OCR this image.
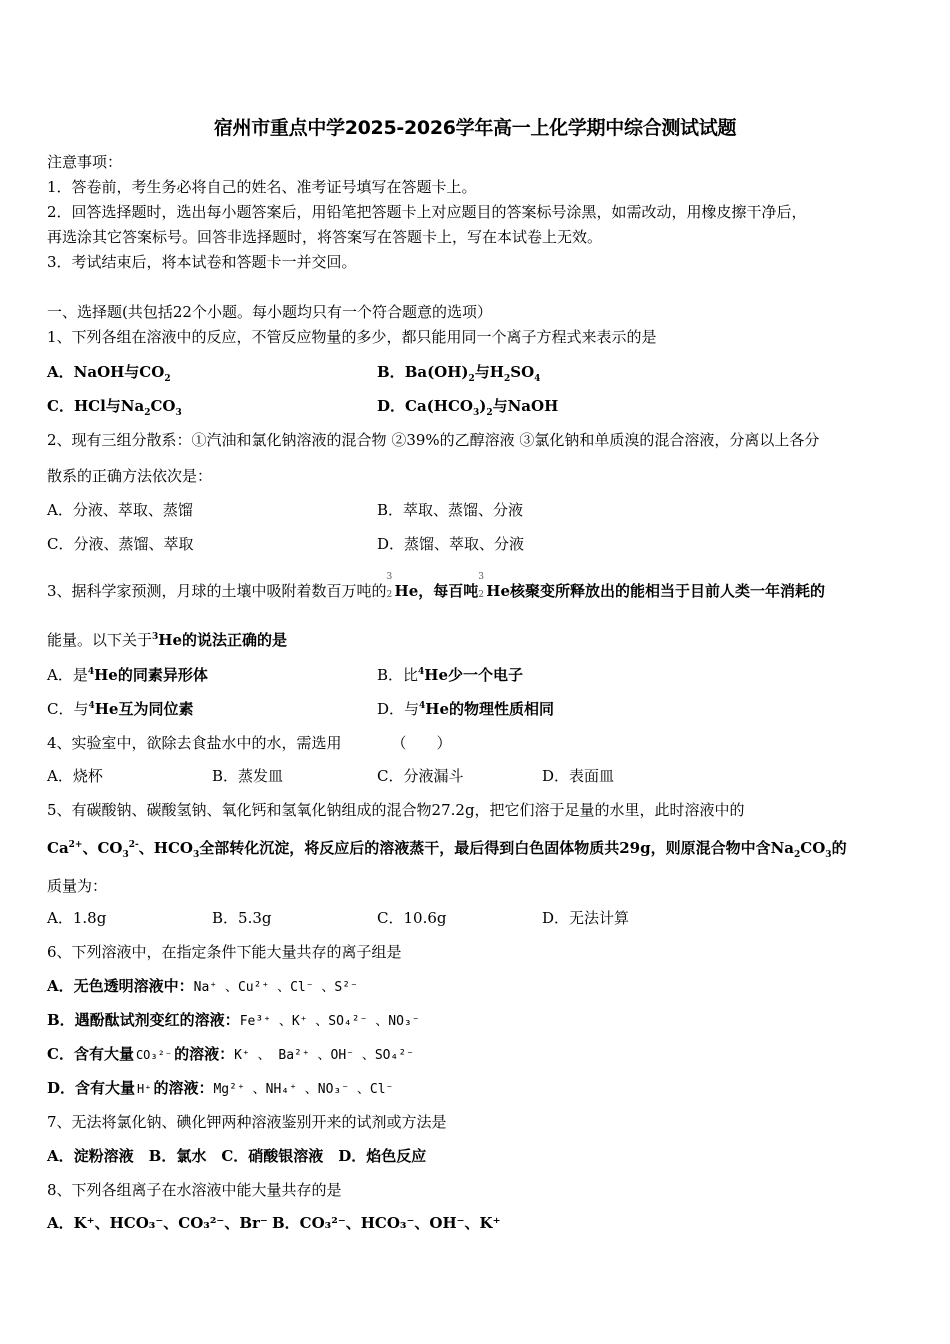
宿州市重点中学2025-2026学年高一上化学期中综合测试试题
注意事项：
1．答卷前，考生务必将自己的姓名、准考证号填写在答题卡上。
2．回答选择题时，选出每小题答案后，用铅笔把答题卡上对应题目的答案标号涂黑，如需改动，用橡皮擦干净后，
再选涂其它答案标号。回答非选择题时，将答案写在答题卡上，写在本试卷上无效。
3．考试结束后，将本试卷和答题卡一并交回。
一、选择题(共包括22个小题。每小题均只有一个符合题意的选项）
1、下列各组在溶液中的反应，不管反应物量的多少，都只能用同一个离子方程式来表示的是
A．NaOH与$CO_2$	B．$Ba(OH)_2$与$H_2SO_4$
C．HCl与$Na_2CO_3$	D．$Ca(HCO_3)_2$与NaOH
2、现有三组分散系：①汽油和氯化钠溶液的混合物 ②39%的乙醇溶液 ③氯化钠和单质溴的混合溶液，分离以上各分
散系的正确方法依次是：
A．分液、萃取、蒸馏	B．萃取、蒸馏、分液
C．分液、蒸馏、萃取	D．蒸馏、萃取、分液
3、据科学家预测，月球的土壤中吸附着数百万吨的
3
2 He，每百吨
3
2 He核聚变所释放出的能相当于目前人类一年消耗的
能量。以下关于$^3$He的说法正确的是
A．是$^4$He的同素异形体	B．比$^4$He少一个电子
C．与$^4$He互为同位素	D．与$^4$He的物理性质相同
4、实验室中，欲除去食盐水中的水，需选用	（　　）
A．烧杯	B．蒸发皿	C．分液漏斗	D．表面皿
5、有碳酸钠、碳酸氢钠、氧化钙和氢氧化钠组成的混合物27.2g，把它们溶于足量的水里，此时溶液中的
$Ca^{2+}$、$CO_3^{2-}$、$HCO_3$全部转化沉淀，将反应后的溶液蒸干，最后得到白色固体物质共29g，则原混合物中含$Na_2CO_3$的
质量为：
A．1.8g	B．5.3g	C．10.6g	D．无法计算
6、下列溶液中，在指定条件下能大量共存的离子组是
A．无色透明溶液中：Na⁺ 、Cu²⁺ 、Cl⁻ 、S²⁻
B．遇酚酞试剂变红的溶液：Fe³⁺ 、K⁺ 、SO₄²⁻ 、NO₃⁻
C．含有大量 CO₃²⁻ 的溶液：K⁺ 、 Ba²⁺ 、OH⁻ 、SO₄²⁻
D．含有大量 H⁺ 的溶液：Mg²⁺ 、NH₄⁺ 、NO₃⁻ 、Cl⁻
7、无法将氯化钠、碘化钾两种溶液鉴别开来的试剂或方法是
A．淀粉溶液　B．氯水　C．硝酸银溶液　D．焰色反应
8、下列各组离子在水溶液中能大量共存的是
A．K⁺、HCO₃⁻、CO₃²⁻、Br⁻ B．CO₃²⁻、HCO₃⁻、OH⁻、K⁺
